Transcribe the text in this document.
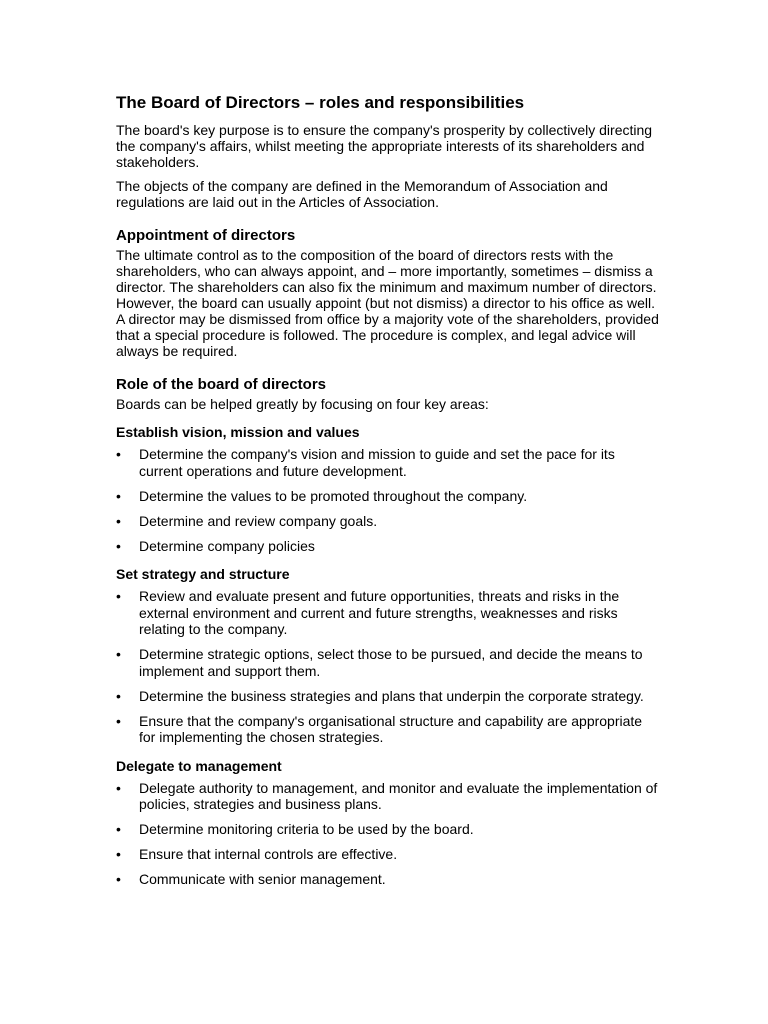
The Board of Directors – roles and responsibilities

The board's key purpose is to ensure the company's prosperity by collectively directing the company's affairs, whilst meeting the appropriate interests of its shareholders and stakeholders.

The objects of the company are defined in the Memorandum of Association and regulations are laid out in the Articles of Association.

Appointment of directors

The ultimate control as to the composition of the board of directors rests with the shareholders, who can always appoint, and – more importantly, sometimes – dismiss a director. The shareholders can also fix the minimum and maximum number of directors. However, the board can usually appoint (but not dismiss) a director to his office as well. A director may be dismissed from office by a majority vote of the shareholders, provided that a special procedure is followed. The procedure is complex, and legal advice will always be required.

Role of the board of directors

Boards can be helped greatly by focusing on four key areas:

Establish vision, mission and values
•	Determine the company's vision and mission to guide and set the pace for its current operations and future development.
•	Determine the values to be promoted throughout the company.
•	Determine and review company goals.
•	Determine company policies
Set strategy and structure
•	Review and evaluate present and future opportunities, threats and risks in the external environment and current and future strengths, weaknesses and risks relating to the company.
•	Determine strategic options, select those to be pursued, and decide the means to implement and support them.
•	Determine the business strategies and plans that underpin the corporate strategy.
•	Ensure that the company's organisational structure and capability are appropriate for implementing the chosen strategies.
Delegate to management
•	Delegate authority to management, and monitor and evaluate the implementation of policies, strategies and business plans.
•	Determine monitoring criteria to be used by the board.
•	Ensure that internal controls are effective.
•	Communicate with senior management.
